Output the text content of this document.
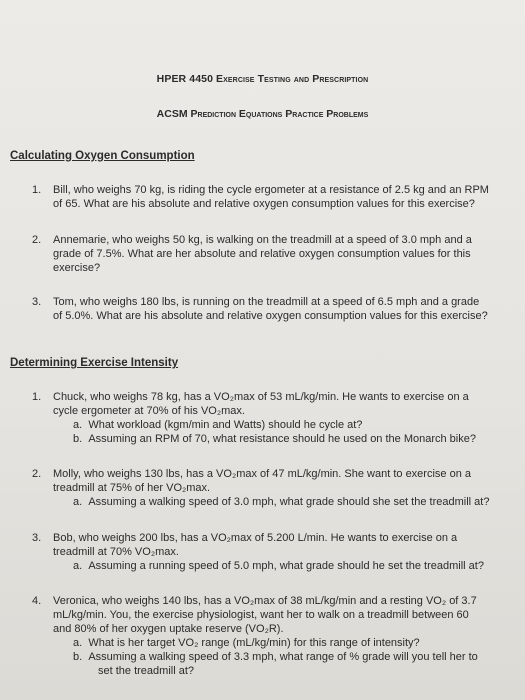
HPER 4450 Exercise Testing and Prescription
ACSM Prediction Equations Practice Problems
Calculating Oxygen Consumption
1. Bill, who weighs 70 kg, is riding the cycle ergometer at a resistance of 2.5 kg and an RPM
of 65. What are his absolute and relative oxygen consumption values for this exercise?
2. Annemarie, who weighs 50 kg, is walking on the treadmill at a speed of 3.0 mph and a
grade of 7.5%. What are her absolute and relative oxygen consumption values for this
exercise?
3. Tom, who weighs 180 lbs, is running on the treadmill at a speed of 6.5 mph and a grade
of 5.0%. What are his absolute and relative oxygen consumption values for this exercise?
Determining Exercise Intensity
1. Chuck, who weighs 78 kg, has a VO₂max of 53 mL/kg/min. He wants to exercise on a
cycle ergometer at 70% of his VO₂max.
a. What workload (kgm/min and Watts) should he cycle at?
b. Assuming an RPM of 70, what resistance should he used on the Monarch bike?
2. Molly, who weighs 130 lbs, has a VO₂max of 47 mL/kg/min. She want to exercise on a
treadmill at 75% of her VO₂max.
a. Assuming a walking speed of 3.0 mph, what grade should she set the treadmill at?
3. Bob, who weighs 200 lbs, has a VO₂max of 5.200 L/min. He wants to exercise on a
treadmill at 70% VO₂max.
a. Assuming a running speed of 5.0 mph, what grade should he set the treadmill at?
4. Veronica, who weighs 140 lbs, has a VO₂max of 38 mL/kg/min and a resting VO₂ of 3.7
mL/kg/min. You, the exercise physiologist, want her to walk on a treadmill between 60
and 80% of her oxygen uptake reserve (VO₂R).
a. What is her target VO₂ range (mL/kg/min) for this range of intensity?
b. Assuming a walking speed of 3.3 mph, what range of % grade will you tell her to
set the treadmill at?
